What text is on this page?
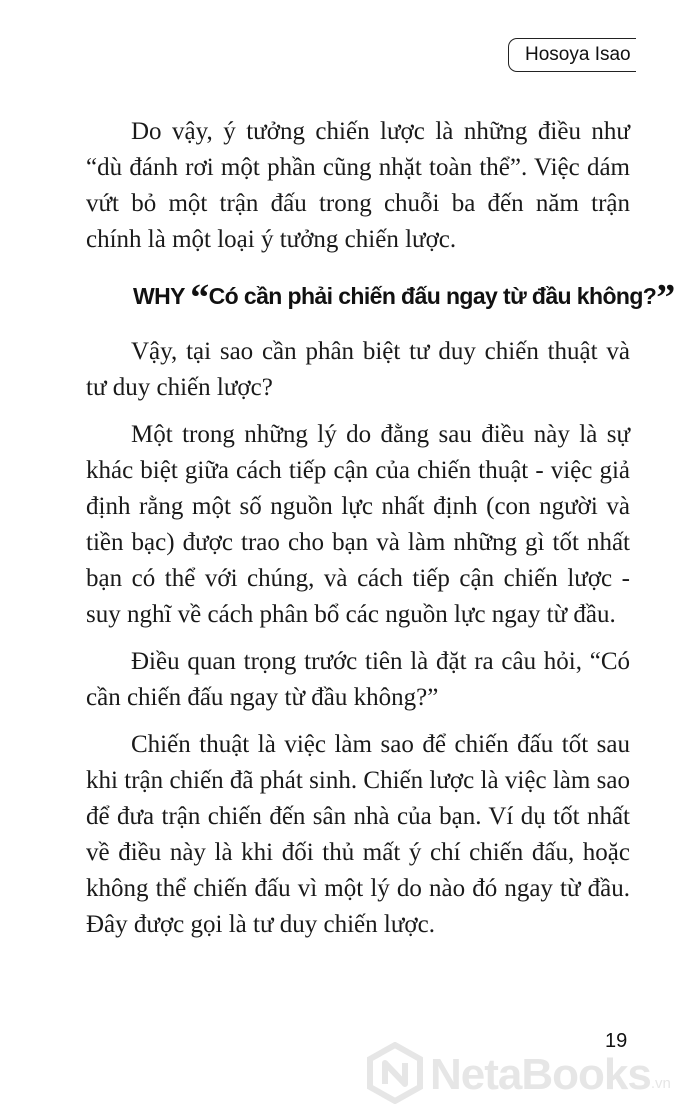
Hosoya Isao

Do vậy, ý tưởng chiến lược là những điều như “dù đánh rơi một phần cũng nhặt toàn thể”. Việc dám vứt bỏ một trận đấu trong chuỗi ba đến năm trận chính là một loại ý tưởng chiến lược.

WHY “Có cần phải chiến đấu ngay từ đầu không?”

Vậy, tại sao cần phân biệt tư duy chiến thuật và tư duy chiến lược?

Một trong những lý do đằng sau điều này là sự khác biệt giữa cách tiếp cận của chiến thuật - việc giả định rằng một số nguồn lực nhất định (con người và tiền bạc) được trao cho bạn và làm những gì tốt nhất bạn có thể với chúng, và cách tiếp cận chiến lược - suy nghĩ về cách phân bổ các nguồn lực ngay từ đầu.

Điều quan trọng trước tiên là đặt ra câu hỏi, “Có cần chiến đấu ngay từ đầu không?”

Chiến thuật là việc làm sao để chiến đấu tốt sau khi trận chiến đã phát sinh. Chiến lược là việc làm sao để đưa trận chiến đến sân nhà của bạn. Ví dụ tốt nhất về điều này là khi đối thủ mất ý chí chiến đấu, hoặc không thể chiến đấu vì một lý do nào đó ngay từ đầu. Đây được gọi là tư duy chiến lược.

19
NetaBooks .vn
